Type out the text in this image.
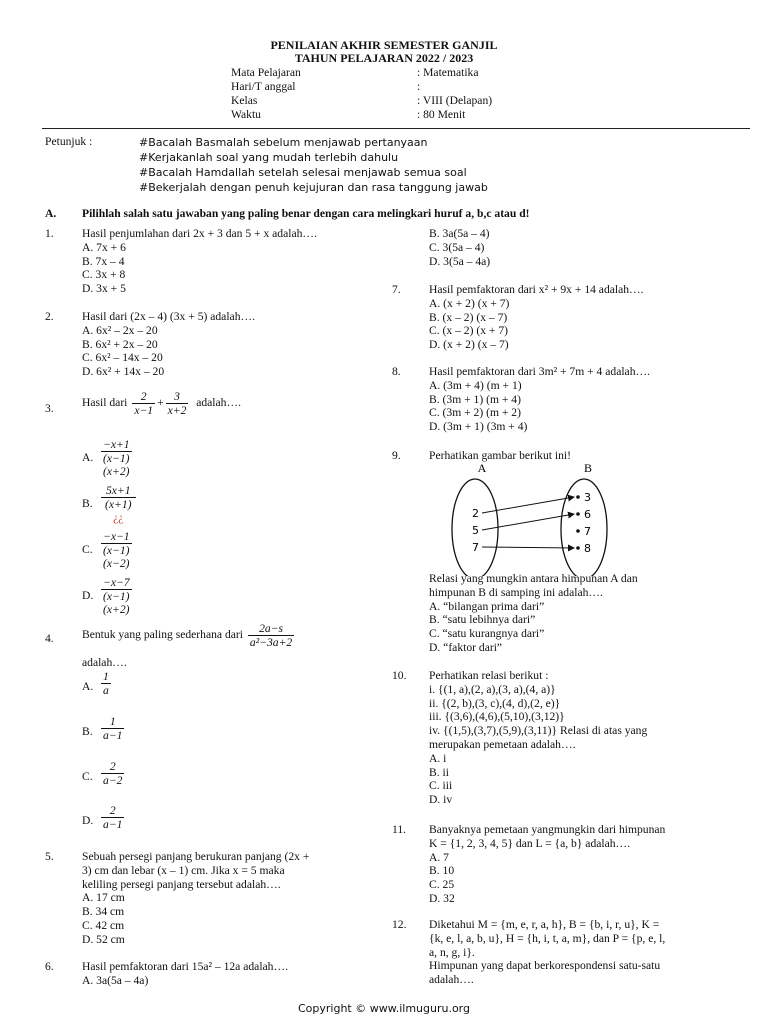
PENILAIAN AKHIR SEMESTER GANJIL
TAHUN PELAJARAN 2022 / 2023
Mata Pelajaran	: Matematika
Hari/T anggal	:
Kelas	: VIII (Delapan)
Waktu	: 80 Menit
Petunjuk :	#Bacalah Basmalah sebelum menjawab pertanyaan
#Kerjakanlah soal yang mudah terlebih dahulu
#Bacalah Hamdallah setelah selesai menjawab semua soal
#Bekerjalah dengan penuh kejujuran dan rasa tanggung jawab
A. Pilihlah salah satu jawaban yang paling benar dengan cara melingkari huruf a, b,c atau d!
1. Hasil penjumlahan dari 2x + 3 dan 5 + x adalah….
A. 7x + 6
B. 7x – 4
C. 3x + 8
D. 3x + 5
2. Hasil dari (2x – 4) (3x + 5) adalah….
A. 6x² – 2x – 20
B. 6x² + 2x – 20
C. 6x² – 14x – 20
D. 6x² + 14x – 20
3. Hasil dari $\frac{2}{x-1} + \frac{3}{x+2}$ adalah….
A. $\frac{-x+1}{(x-1)(x+2)}$
B. 5x+1
(x+1)
¿¿
C. $\frac{-x-1}{(x-1)(x-2)}$
D. $\frac{-x-7}{(x-1)(x+2)}$
4. Bentuk yang paling sederhana dari $\frac{2a-s}{\text{a²−3a+2}}$
adalah….
A. $\frac{1}{a}$
B. $\frac{1}{a-1}$
C. $\frac{2}{a-2}$
D. $\frac{2}{a-1}$
5. Sebuah persegi panjang berukuran panjang (2x +
3) cm dan lebar (x – 1) cm. Jika x = 5 maka
keliling persegi panjang tersebut adalah….
A. 17 cm
B. 34 cm
C. 42 cm
D. 52 cm
6. Hasil pemfaktoran dari 15a² – 12a adalah….
A. 3a(5a – 4a)
B. 3a(5a – 4)
C. 3(5a – 4)
D. 3(5a – 4a)
7. Hasil pemfaktoran dari x² + 9x + 14 adalah….
A. (x + 2) (x + 7)
B. (x – 2) (x – 7)
C. (x – 2) (x + 7)
D. (x + 2) (x – 7)
8. Hasil pemfaktoran dari 3m² + 7m + 4 adalah….
A. (3m + 4) (m + 1)
B. (3m + 1) (m + 4)
C. (3m + 2) (m + 2)
D. (3m + 1) (3m + 4)
9. Perhatikan gambar berikut ini!
A	B
2
5
7
3
6
7
8
Relasi yang mungkin antara himpunan A dan
himpunan B di samping ini adalah….
A. “bilangan prima dari”
B. “satu lebihnya dari”
C. “satu kurangnya dari”
D. “faktor dari”
10. Perhatikan relasi berikut :
i. {(1, a),(2, a),(3, a),(4, a)}
ii. {(2, b),(3, c),(4, d),(2, e)}
iii. {(3,6),(4,6),(5,10),(3,12)}
iv. {(1,5),(3,7),(5,9),(3,11)} Relasi di atas yang
merupakan pemetaan adalah….
A. i
B. ii
C. iii
D. iv
11. Banyaknya pemetaan yangmungkin dari himpunan
K = {1, 2, 3, 4, 5} dan L = {a, b} adalah….
A. 7
B. 10
C. 25
D. 32
12. Diketahui M = {m, e, r, a, h}, B = {b, i, r, u}, K =
{k, e, l, a, b, u}, H = {h, i, t, a, m}, dan P = {p, e, l,
a, n, g, i}.
Himpunan yang dapat berkorespondensi satu-satu
adalah….
Copyright © www.ilmuguru.org
